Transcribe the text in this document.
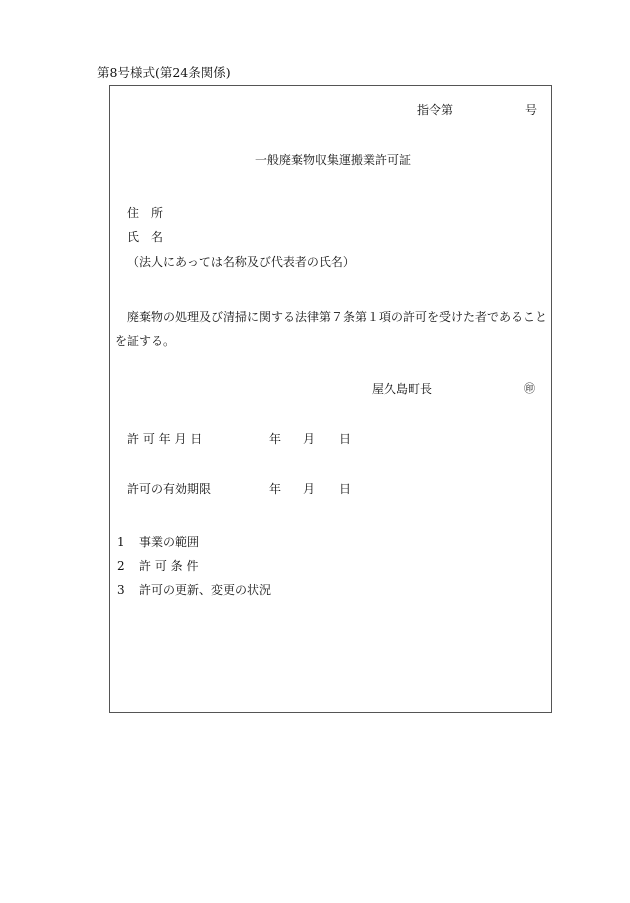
第8号様式(第24条関係)
指令第	号
一般廃棄物収集運搬業許可証
住　所
氏　名
（法人にあっては名称及び代表者の氏名）
廃棄物の処理及び清掃に関する法律第７条第１項の許可を受けた者であることを証する。
屋久島町長	㊞
許 可 年 月 日	年 月 日
許可の有効期限	年 月 日
1 事業の範囲
2 許 可 条 件
3 許可の更新、変更の状況
